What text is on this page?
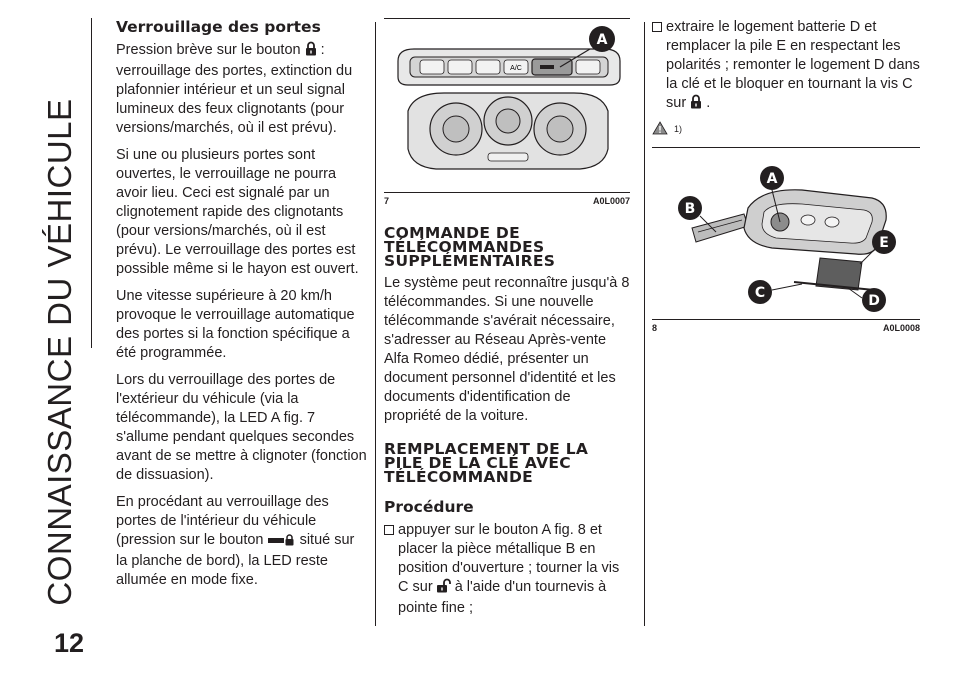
CONNAISSANCE DU VÉHICULE
12
Verrouillage des portes

Pression brève sur le bouton : verrouillage des portes, extinction du plafonnier intérieur et un seul signal lumineux des feux clignotants (pour versions/marchés, où il est prévu).

Si une ou plusieurs portes sont ouvertes, le verrouillage ne pourra avoir lieu. Ceci est signalé par un clignotement rapide des clignotants (pour versions/marchés, où il est prévu). Le verrouillage des portes est possible même si le hayon est ouvert.

Une vitesse supérieure à 20 km/h provoque le verrouillage automatique des portes si la fonction spécifique a été programmée.

Lors du verrouillage des portes de l'extérieur du véhicule (via la télécommande), la LED A fig. 7 s'allume pendant quelques secondes avant de se mettre à clignoter (fonction de dissuasion).

En procédant au verrouillage des portes de l'intérieur du véhicule (pression sur le bouton situé sur la planche de bord), la LED reste allumée en mode fixe.

A/C
A
7	A0L0007
COMMANDE DE TÉLÉCOMMANDES SUPPLÉMENTAIRES

Le système peut reconnaître jusqu'à 8 télécommandes. Si une nouvelle télécommande s'avérait nécessaire, s'adresser au Réseau Après-vente Alfa Romeo dédié, présenter un document personnel d'identité et les documents d'identification de propriété de la voiture.

REMPLACEMENT DE LA PILE DE LA CLÉ AVEC TÉLÉCOMMANDE
Procédure
appuyer sur le bouton A fig. 8 et placer la pièce métallique B en position d'ouverture ; tourner la vis C sur à l'aide d'un tournevis à pointe fine ;
extraire le logement batterie D et remplacer la pile E en respectant les polarités ; remonter le logement D dans la clé et le bloquer en tournant la vis C sur .
1)
A
B
C	D
E
8	A0L0008
